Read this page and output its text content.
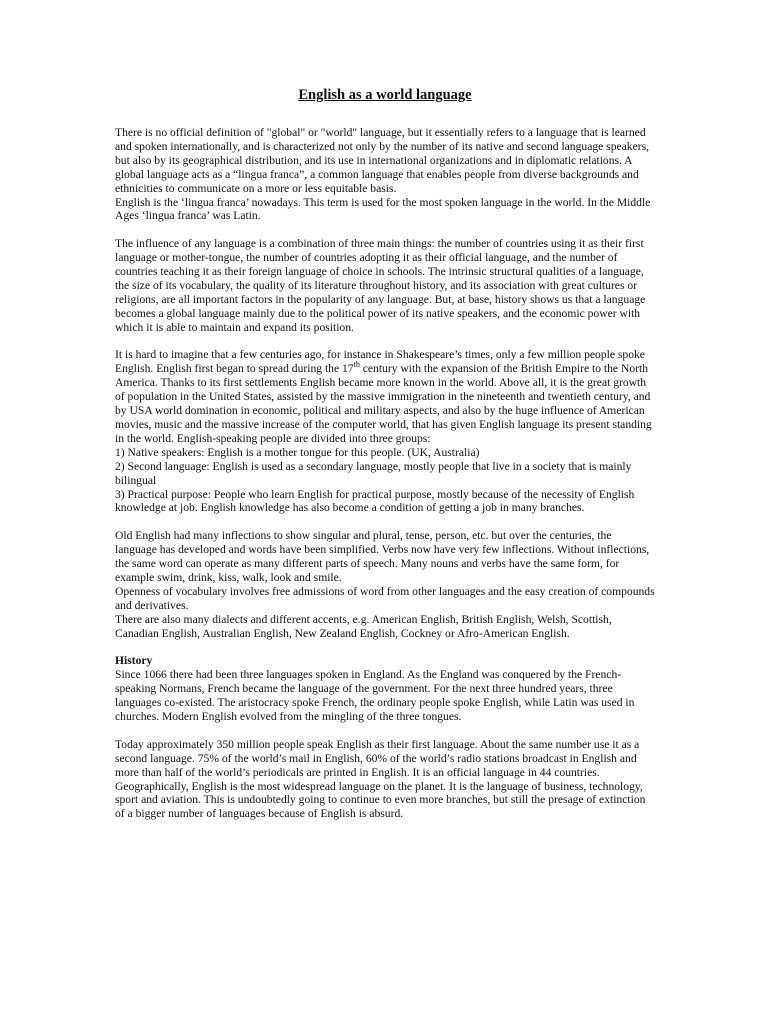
English as a world language

There is no official definition of "global" or "world" language, but it essentially refers to a language that is learned and spoken internationally, and is characterized not only by the number of its native and second language speakers, but also by its geographical distribution, and its use in international organizations and in diplomatic relations. A global language acts as a “lingua franca”, a common language that enables people from diverse backgrounds and ethnicities to communicate on a more or less equitable basis.

English is the ‘lingua franca’ nowadays. This term is used for the most spoken language in the world. In the Middle Ages ‘lingua franca’ was Latin.

The influence of any language is a combination of three main things: the number of countries using it as their first language or mother-tongue, the number of countries adopting it as their official language, and the number of countries teaching it as their foreign language of choice in schools. The intrinsic structural qualities of a language, the size of its vocabulary, the quality of its literature throughout history, and its association with great cultures or religions, are all important factors in the popularity of any language. But, at base, history shows us that a language becomes a global language mainly due to the political power of its native speakers, and the economic power with which it is able to maintain and expand its position.

It is hard to imagine that a few centuries ago, for instance in Shakespeare’s times, only a few million people spoke English. English first began to spread during the 17th century with the expansion of the British Empire to the North America. Thanks to its first settlements English became more known in the world. Above all, it is the great growth of population in the United States, assisted by the massive immigration in the nineteenth and twentieth century, and by USA world domination in economic, political and military aspects, and also by the huge influence of American movies, music and the massive increase of the computer world, that has given English language its present standing in the world. English-speaking people are divided into three groups:

1) Native speakers: English is a mother tongue for this people. (UK, Australia)

2) Second language: English is used as a secondary language, mostly people that live in a society that is mainly bilingual

3) Practical purpose: People who learn English for practical purpose, mostly because of the necessity of English knowledge at job. English knowledge has also become a condition of getting a job in many branches.

Old English had many inflections to show singular and plural, tense, person, etc. but over the centuries, the language has developed and words have been simplified. Verbs now have very few inflections. Without inflections, the same word can operate as many different parts of speech. Many nouns and verbs have the same form, for example swim, drink, kiss, walk, look and smile.

Openness of vocabulary involves free admissions of word from other languages and the easy creation of compounds and derivatives.

There are also many dialects and different accents, e.g. American English, British English, Welsh, Scottish, Canadian English, Australian English, New Zealand English, Cockney or Afro-American English.

History

Since 1066 there had been three languages spoken in England. As the England was conquered by the French-speaking Normans, French became the language of the government. For the next three hundred years, three languages co-existed. The aristocracy spoke French, the ordinary people spoke English, while Latin was used in churches. Modern English evolved from the mingling of the three tongues.

Today approximately 350 million people speak English as their first language. About the same number use it as a second language. 75% of the world’s mail in English, 60% of the world’s radio stations broadcast in English and more than half of the world’s periodicals are printed in English. It is an official language in 44 countries. Geographically, English is the most widespread language on the planet. It is the language of business, technology, sport and aviation. This is undoubtedly going to continue to even more branches, but still the presage of extinction of a bigger number of languages because of English is absurd.
